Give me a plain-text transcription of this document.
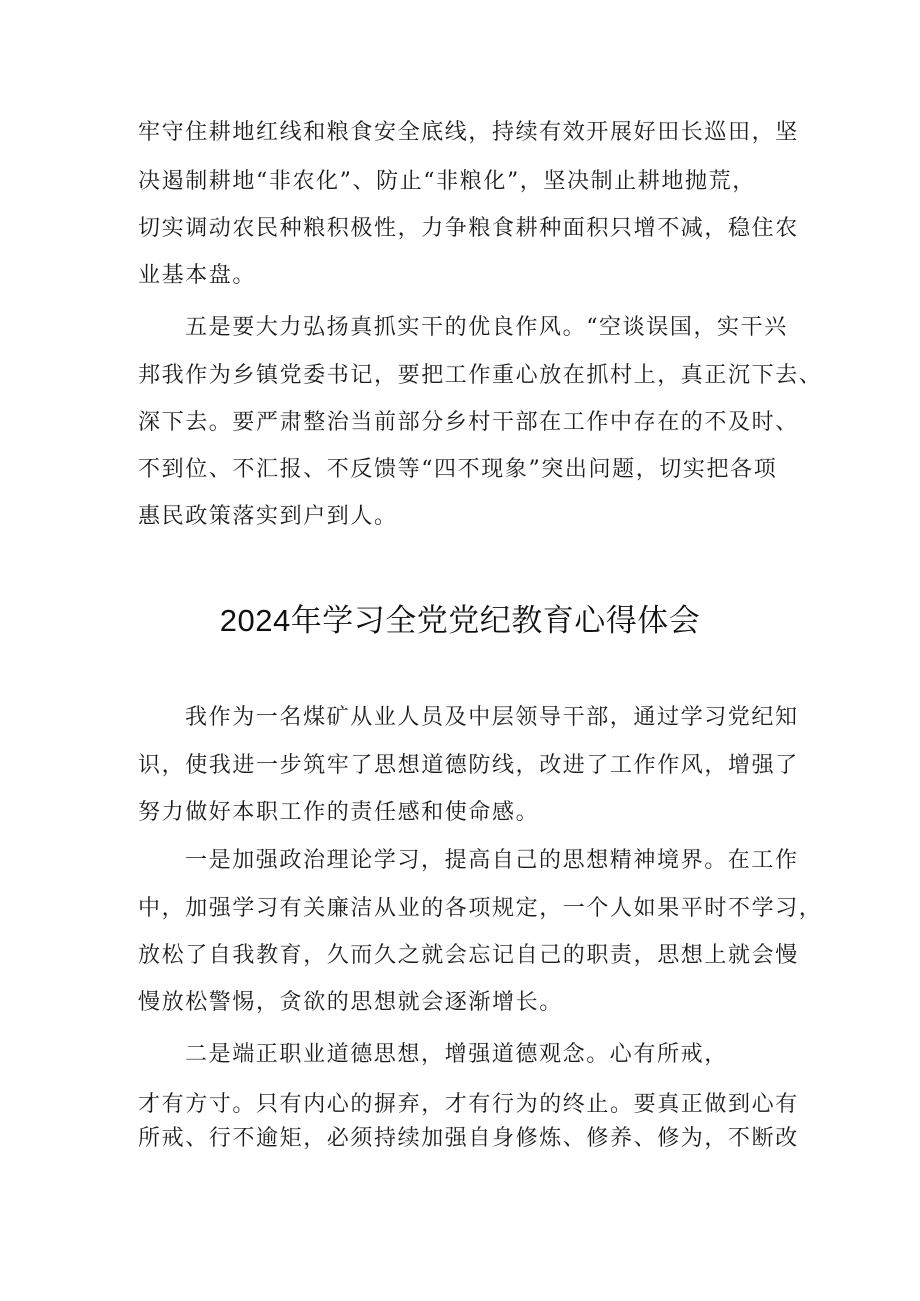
牢守住耕地红线和粮食安全底线，持续有效开展好田长巡田，坚
决遏制耕地“非农化”、防止“非粮化”，坚决制止耕地抛荒，
切实调动农民种粮积极性，力争粮食耕种面积只增不减，稳住农
业基本盘。
五是要大力弘扬真抓实干的优良作风。“空谈误国，实干兴
邦我作为乡镇党委书记，要把工作重心放在抓村上，真正沉下去、
深下去。要严肃整治当前部分乡村干部在工作中存在的不及时、
不到位、不汇报、不反馈等“四不现象”突出问题，切实把各项
惠民政策落实到户到人。
2024年学习全党党纪教育心得体会
我作为一名煤矿从业人员及中层领导干部，通过学习党纪知
识，使我进一步筑牢了思想道德防线，改进了工作作风，增强了
努力做好本职工作的责任感和使命感。
一是加强政治理论学习，提高自己的思想精神境界。在工作
中，加强学习有关廉洁从业的各项规定，一个人如果平时不学习，
放松了自我教育，久而久之就会忘记自己的职责，思想上就会慢
慢放松警惕，贪欲的思想就会逐渐增长。
二是端正职业道德思想，增强道德观念。心有所戒，
才有方寸。只有内心的摒弃，才有行为的终止。要真正做到心有
所戒、行不逾矩，必须持续加强自身修炼、修养、修为，不断改
